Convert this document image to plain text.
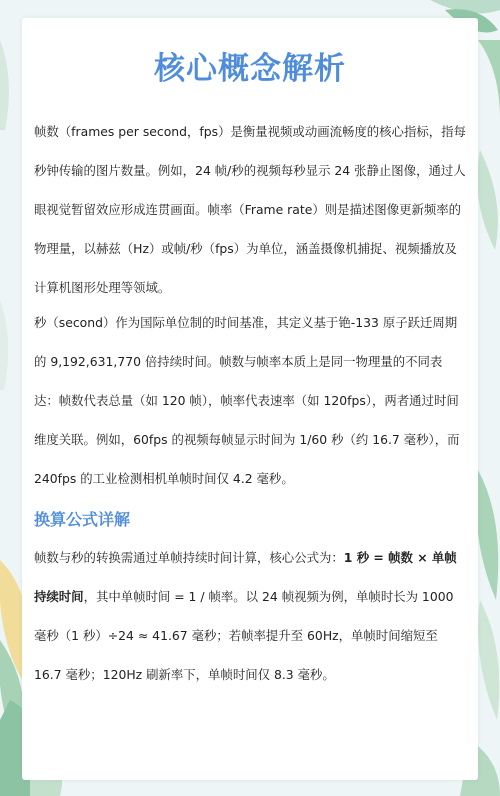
核心概念解析

帧数（frames per second，fps）是衡量视频或动画流畅度的核心指标，指每秒钟传输的图片数量。例如，24 帧/秒的视频每秒显示 24 张静止图像，通过人眼视觉暂留效应形成连贯画面。帧率（Frame rate）则是描述图像更新频率的物理量，以赫兹（Hz）或帧/秒（fps）为单位，涵盖摄像机捕捉、视频播放及计算机图形处理等领域。

秒（second）作为国际单位制的时间基准，其定义基于铯-133 原子跃迁周期的 9,192,631,770 倍持续时间。帧数与帧率本质上是同一物理量的不同表达：帧数代表总量（如 120 帧），帧率代表速率（如 120fps），两者通过时间维度关联。例如，60fps 的视频每帧显示时间为 1/60 秒（约 16.7 毫秒），而 240fps 的工业检测相机单帧时间仅 4.2 毫秒。

换算公式详解

帧数与秒的转换需通过单帧持续时间计算，核心公式为：1 秒 = 帧数 × 单帧持续时间，其中单帧时间 = 1 / 帧率。以 24 帧视频为例，单帧时长为 1000 毫秒（1 秒）÷24 ≈ 41.67 毫秒；若帧率提升至 60Hz，单帧时间缩短至 16.7 毫秒；120Hz 刷新率下，单帧时间仅 8.3 毫秒。
